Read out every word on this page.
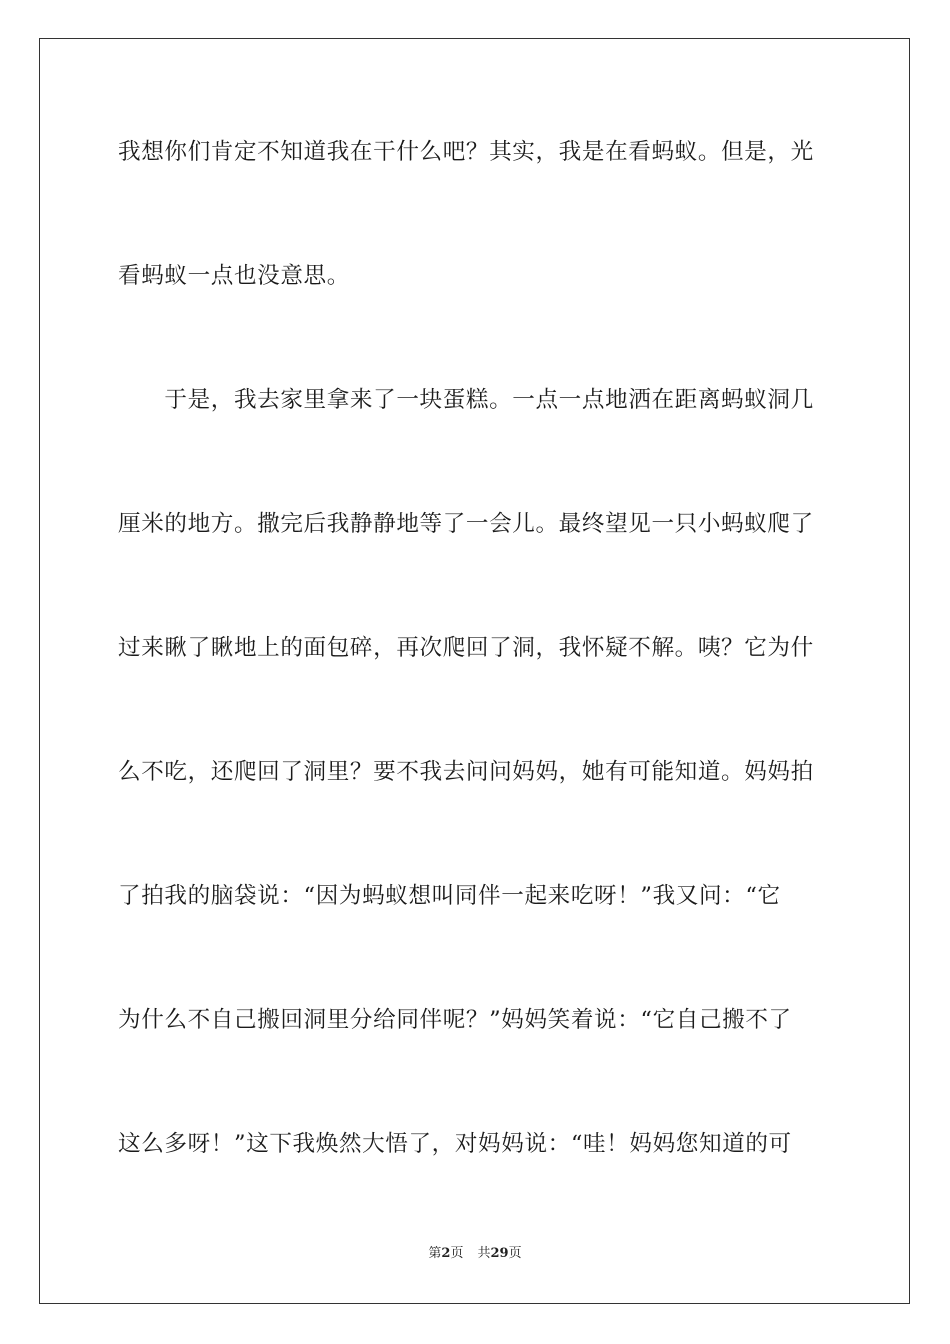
我想你们肯定不知道我在干什么吧？其实，我是在看蚂蚁。但是，光
看蚂蚁一点也没意思。
　　于是，我去家里拿来了一块蛋糕。一点一点地洒在距离蚂蚁洞几
厘米的地方。撒完后我静静地等了一会儿。最终望见一只小蚂蚁爬了
过来瞅了瞅地上的面包碎，再次爬回了洞，我怀疑不解。咦？它为什
么不吃，还爬回了洞里？要不我去问问妈妈，她有可能知道。妈妈拍
了拍我的脑袋说：“因为蚂蚁想叫同伴一起来吃呀！”我又问：“它
为什么不自己搬回洞里分给同伴呢？”妈妈笑着说：“它自己搬不了
这么多呀！”这下我焕然大悟了，对妈妈说：“哇！妈妈您知道的可
第2页 共29页
